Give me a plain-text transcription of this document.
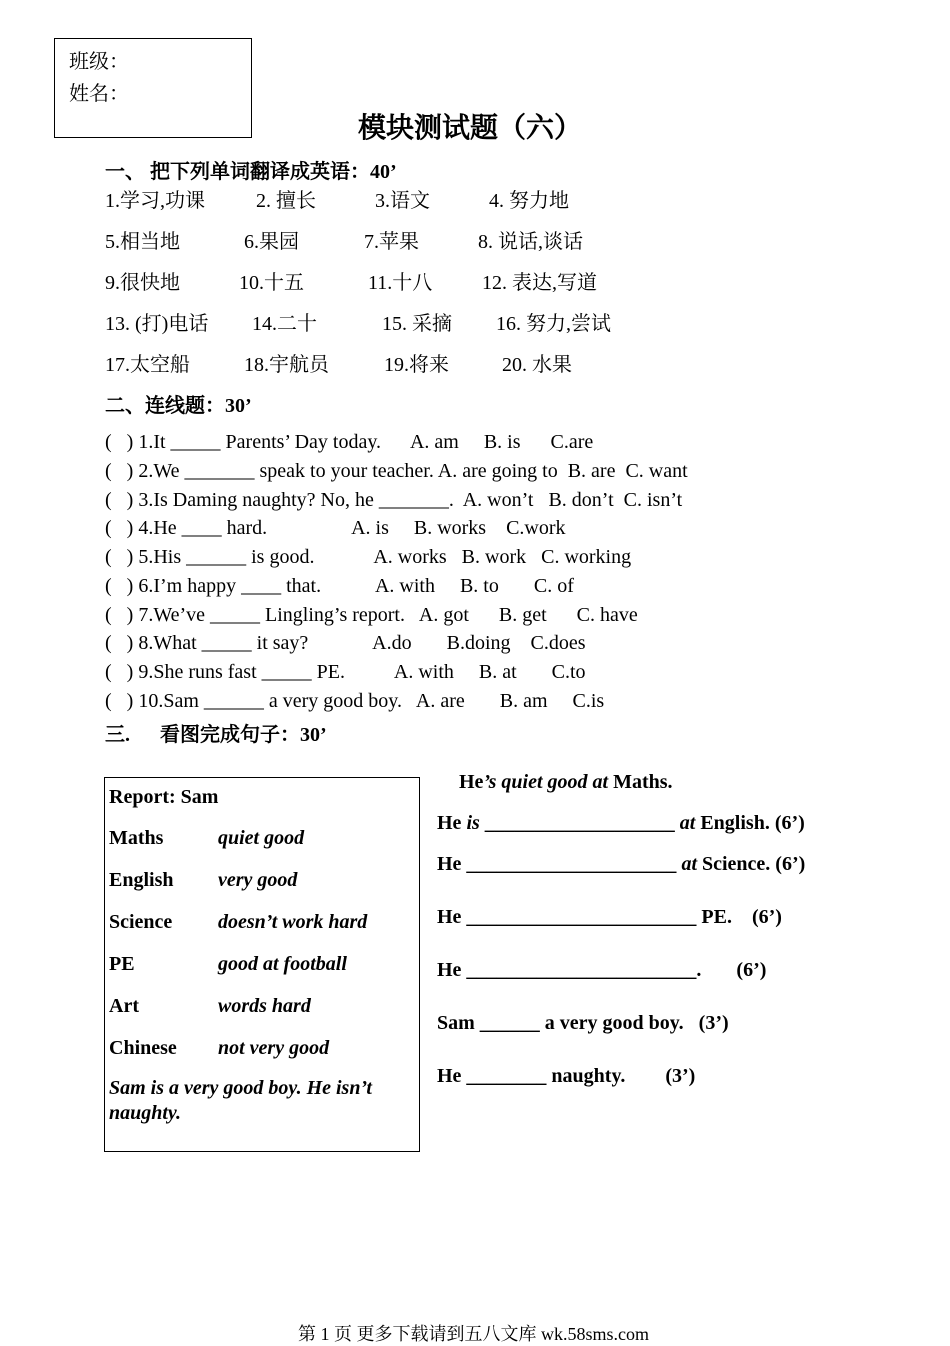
班级：
姓名：
模块测试题（六）
一、 把下列单词翻译成英语：40’
1.学习,功课	2. 擅长	3.语文	4. 努力地
5.相当地	6.果园	7.苹果	8. 说话,谈话
9.很快地	10.十五	11.十八 12. 表达,写道
13. (打)电话 14.二十	15. 采摘 16. 努力,尝试
17.太空船	18.宇航员	19.将来	20. 水果
二、连线题：30’
(   ) 1.It _____ Parents’ Day today.      A. am     B. is      C.are
(   ) 2.We _______ speak to your teacher. A. are going to  B. are  C. want
(   ) 3.Is Daming naughty? No, he _______.  A. won’t   B. don’t  C. isn’t
(   ) 4.He ____ hard.                 A. is     B. works    C.work
(   ) 5.His ______ is good.            A. works   B. work   C. working
(   ) 6.I’m happy ____ that.           A. with     B. to       C. of
(   ) 7.We’ve _____ Lingling’s report.   A. got      B. get      C. have
(   ) 8.What _____ it say?             A.do       B.doing    C.does
(   ) 9.She runs fast _____ PE.          A. with     B. at       C.to
(   ) 10.Sam ______ a very good boy.   A. are       B. am     C.is
三.      看图完成句子：30’
Report: Sam
Maths	quiet good
English very good
Science doesn’t work hard
PE	good at football
Art	words hard
Chinese not very good
Sam is a very good boy. He isn’t naughty.
He’s quiet good at Maths.
He is ___________________ at English. (6’)
He _____________________ at Science. (6’)
He _______________________ PE.    (6’)
He _______________________.       (6’)
Sam ______ a very good boy.   (3’)
He ________ naughty.        (3’)
第 1 页 更多下载请到五八文库 wk.58sms.com
